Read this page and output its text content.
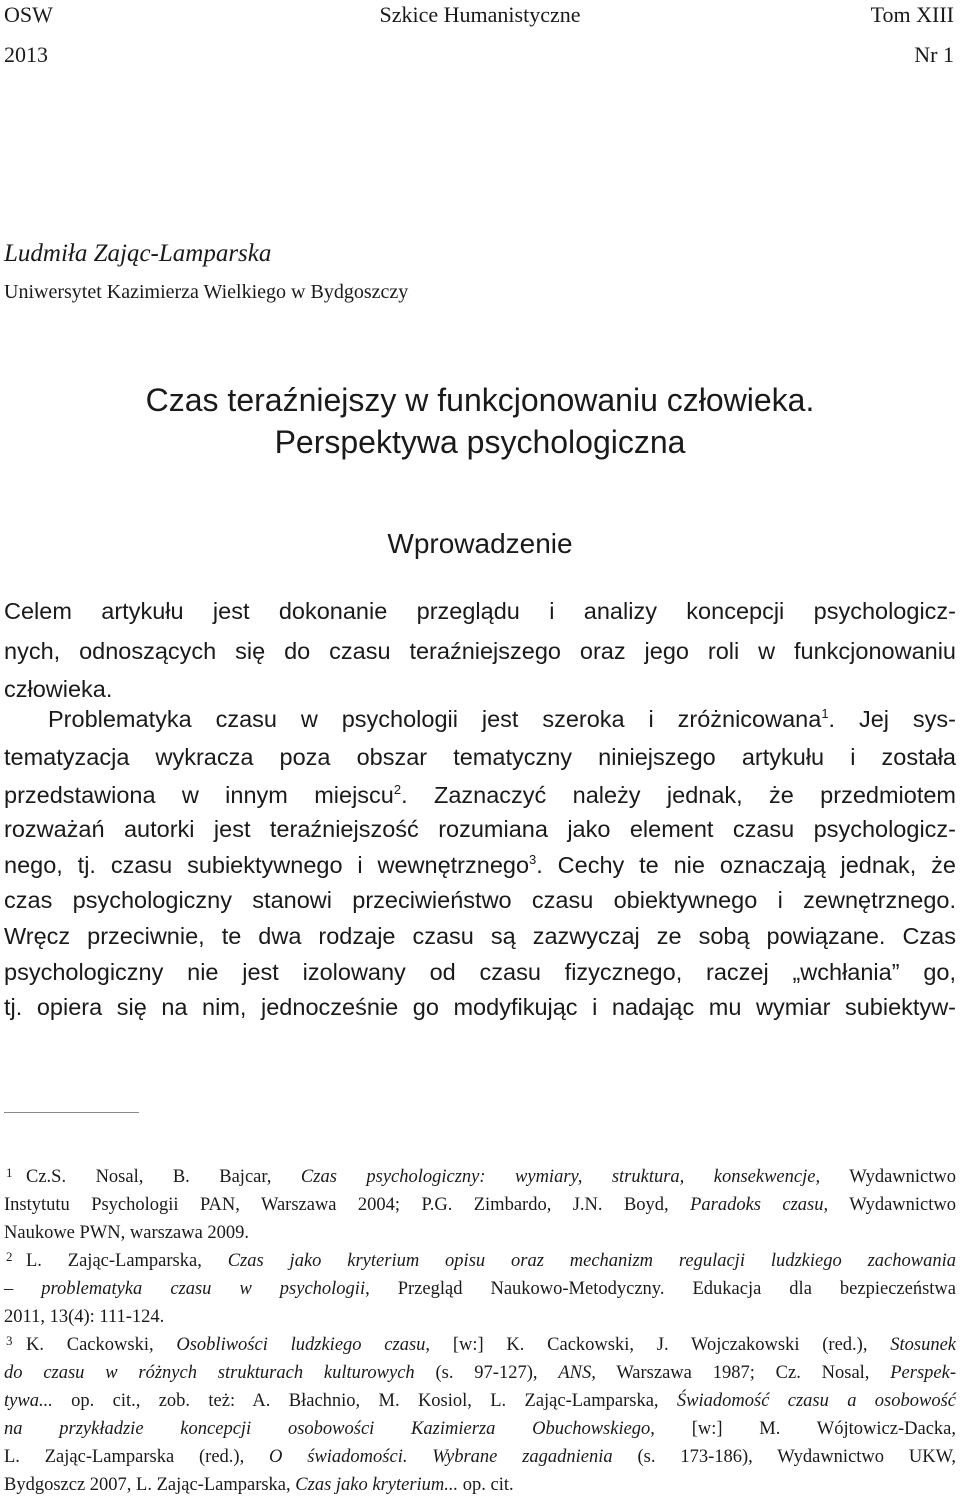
OSW	Szkice Humanistyczne	Tom XIII
2013	Nr 1
Ludmiła Zając-Lamparska
Uniwersytet Kazimierza Wielkiego w Bydgoszczy
Czas teraźniejszy w funkcjonowaniu człowieka.
Perspektywa psychologiczna
Wprowadzenie
Celem artykułu jest dokonanie przeglądu i analizy koncepcji psychologicz-
nych, odnoszących się do czasu teraźniejszego oraz jego roli w funkcjonowaniu
człowieka.
Problematyka czasu w psychologii jest szeroka i zróżnicowana$^1$. Jej sys-
tematyzacja wykracza poza obszar tematyczny niniejszego artykułu i została
przedstawiona w innym miejscu$^2$. Zaznaczyć należy jednak, że przedmiotem
rozważań autorki jest teraźniejszość rozumiana jako element czasu psychologicz-
nego, tj. czasu subiektywnego i wewnętrznego$^3$. Cechy te nie oznaczają jednak, że
czas psychologiczny stanowi przeciwieństwo czasu obiektywnego i zewnętrznego.
Wręcz przeciwnie, te dwa rodzaje czasu są zazwyczaj ze sobą powiązane. Czas
psychologiczny nie jest izolowany od czasu fizycznego, raczej „wchłania” go,
tj. opiera się na nim, jednocześnie go modyfikując i nadając mu wymiar subiektyw-
1 Cz.S. Nosal, B. Bajcar, Czas psychologiczny: wymiary, struktura, konsekwencje, Wydawnictwo
Instytutu Psychologii PAN, Warszawa 2004; P.G. Zimbardo, J.N. Boyd, Paradoks czasu, Wydawnictwo
Naukowe PWN, warszawa 2009.
2 L. Zając-Lamparska, Czas jako kryterium opisu oraz mechanizm regulacji ludzkiego zachowania
– problematyka czasu w psychologii, Przegląd Naukowo-Metodyczny. Edukacja dla bezpieczeństwa
2011, 13(4): 111-124.
3 K. Cackowski, Osobliwości ludzkiego czasu, [w:] K. Cackowski, J. Wojczakowski (red.), Stosunek
do czasu w różnych strukturach kulturowych (s. 97-127), ANS, Warszawa 1987; Cz. Nosal, Perspek-
tywa... op. cit., zob. też: A. Błachnio, M. Kosiol, L. Zając-Lamparska, Świadomość czasu a osobowość
na przykładzie koncepcji osobowości Kazimierza Obuchowskiego, [w:] M. Wójtowicz-Dacka,
L. Zając-Lamparska (red.), O świadomości. Wybrane zagadnienia (s. 173-186), Wydawnictwo UKW,
Bydgoszcz 2007, L. Zając-Lamparska, Czas jako kryterium... op. cit.
